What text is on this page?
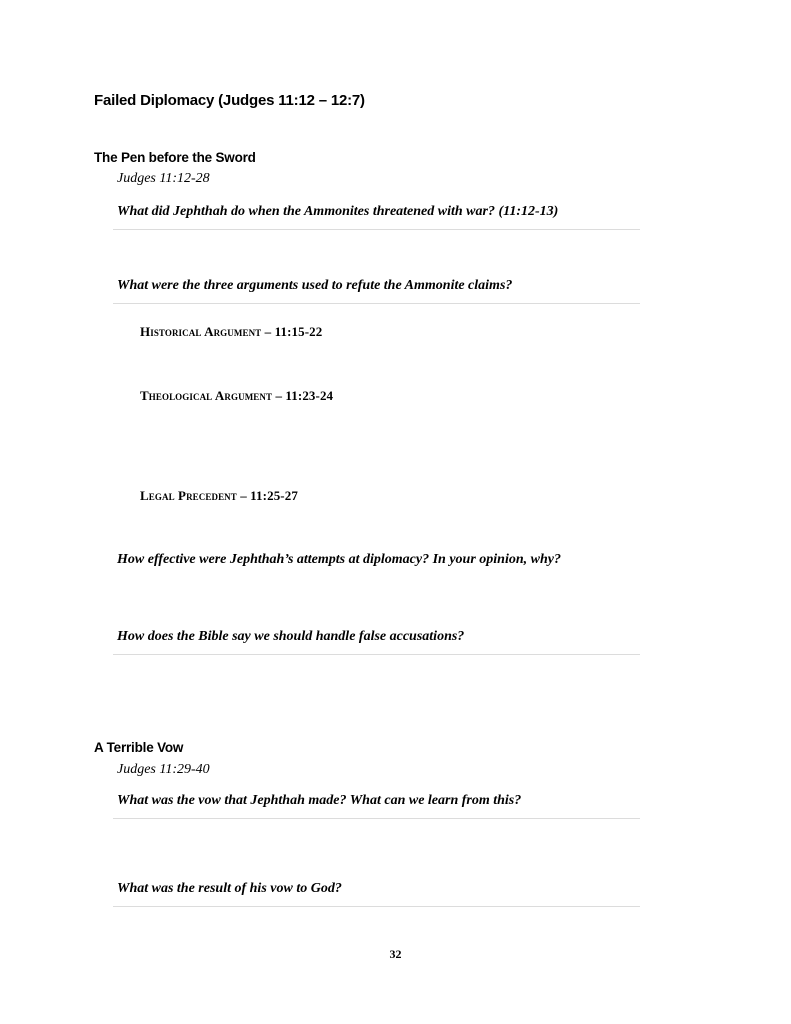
Failed Diplomacy (Judges 11:12 – 12:7)
The Pen before the Sword
Judges 11:12-28
What did Jephthah do when the Ammonites threatened with war? (11:12-13)
What were the three arguments used to refute the Ammonite claims?
Historical Argument – 11:15-22
Theological Argument – 11:23-24
Legal Precedent – 11:25-27
How effective were Jephthah’s attempts at diplomacy? In your opinion, why?
How does the Bible say we should handle false accusations?
A Terrible Vow
Judges 11:29-40
What was the vow that Jephthah made? What can we learn from this?
What was the result of his vow to God?
32
